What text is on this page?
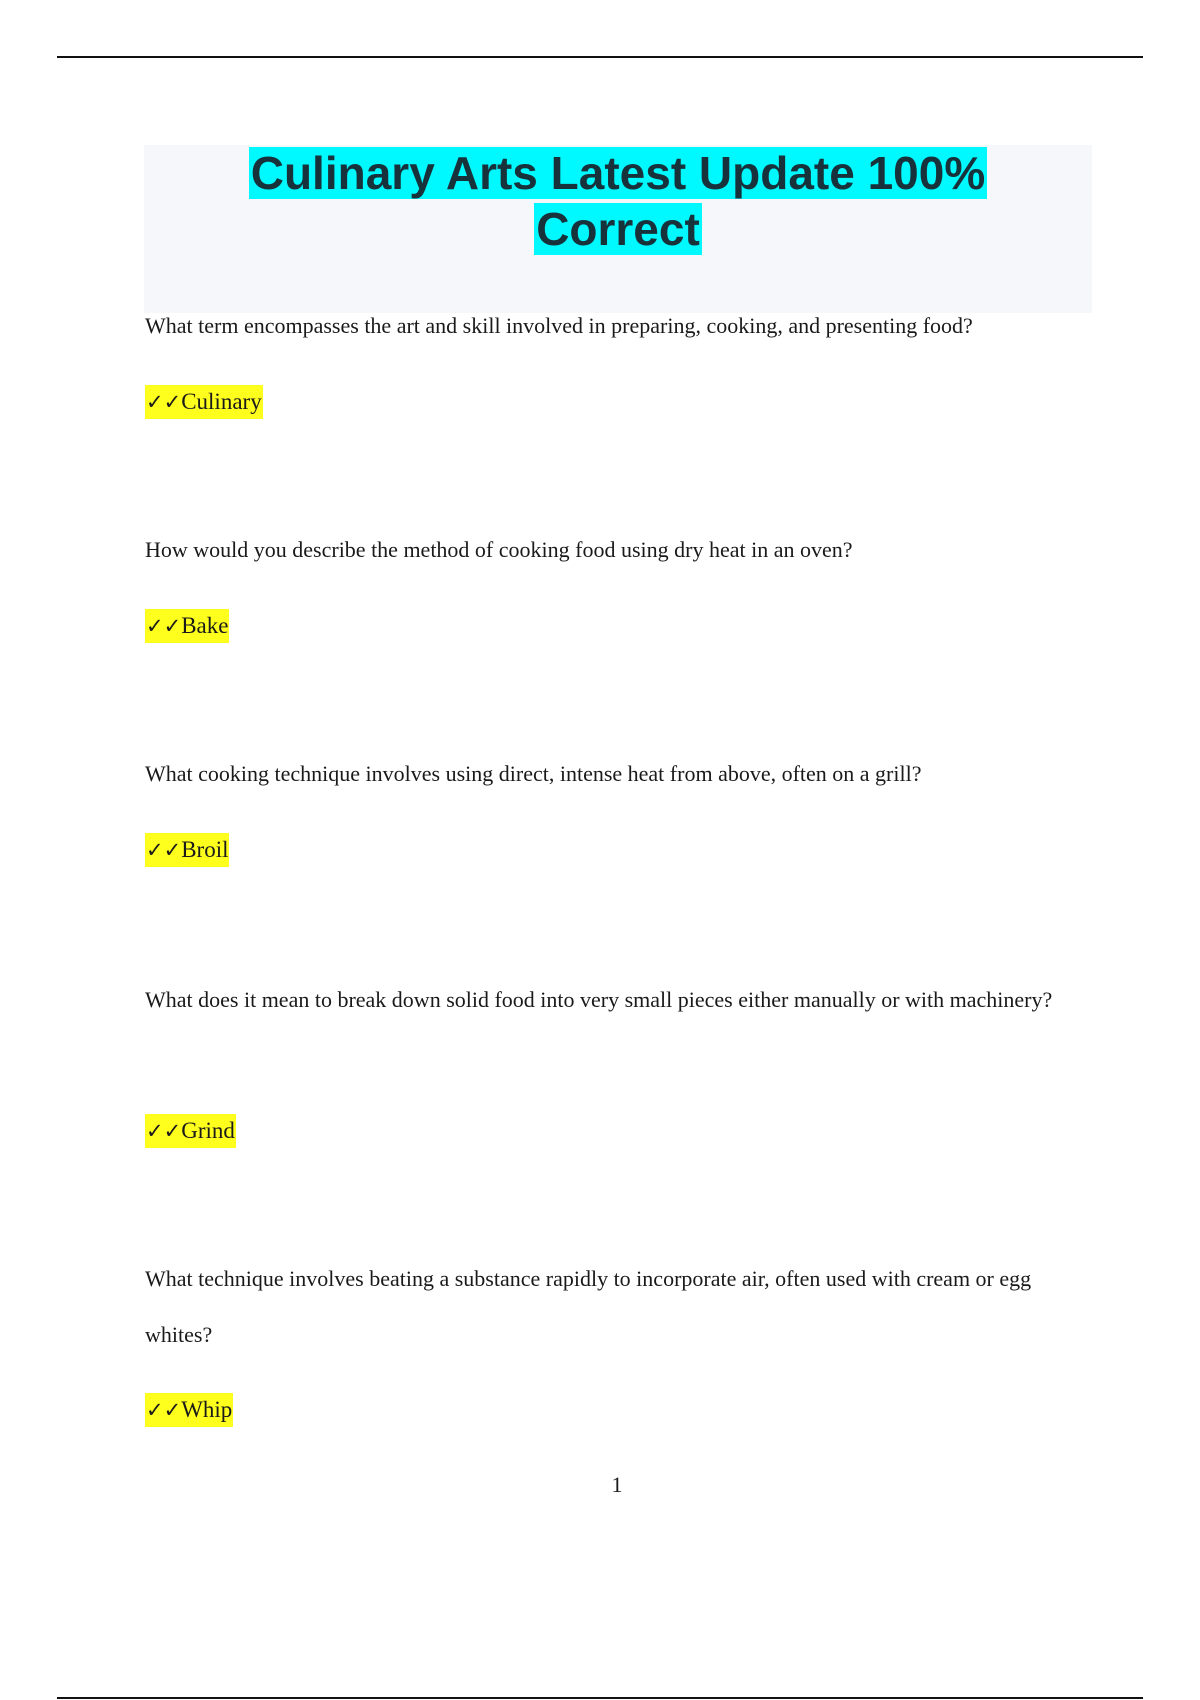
Culinary Arts Latest Update 100%
Correct

What term encompasses the art and skill involved in preparing, cooking, and presenting food?

✓✓Culinary

How would you describe the method of cooking food using dry heat in an oven?

✓✓Bake

What cooking technique involves using direct, intense heat from above, often on a grill?

✓✓Broil

What does it mean to break down solid food into very small pieces either manually or with machinery?

✓✓Grind

What technique involves beating a substance rapidly to incorporate air, often used with cream or egg whites?

✓✓Whip
1
